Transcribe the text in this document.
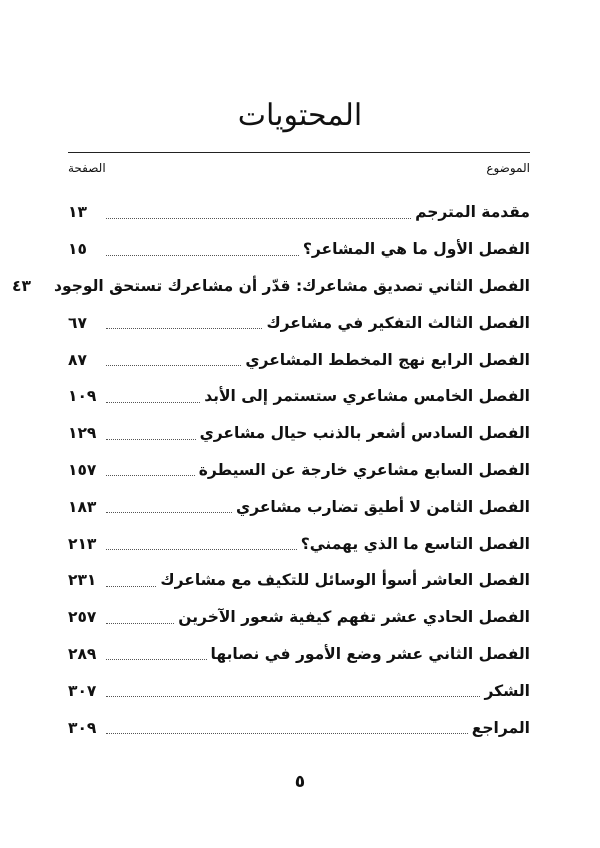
المحتويات
الموضوع
الصفحة
مقدمة المترجم
١٣
الفصل الأول ما هي المشاعر؟
١٥
الفصل الثاني تصديق مشاعرك: قدّر أن مشاعرك تستحق الوجود
٤٣
الفصل الثالث التفكير في مشاعرك
٦٧
الفصل الرابع نهج المخطط المشاعري
٨٧
الفصل الخامس مشاعري ستستمر إلى الأبد
١٠٩
الفصل السادس أشعر بالذنب حيال مشاعري
١٢٩
الفصل السابع مشاعري خارجة عن السيطرة
١٥٧
الفصل الثامن لا أطيق تضارب مشاعري
١٨٣
الفصل التاسع ما الذي يهمني؟
٢١٣
الفصل العاشر أسوأ الوسائل للتكيف مع مشاعرك
٢٣١
الفصل الحادي عشر تفهم كيفية شعور الآخرين
٢٥٧
الفصل الثاني عشر وضع الأمور في نصابها
٢٨٩
الشكر
٣٠٧
المراجع
٣٠٩
٥
